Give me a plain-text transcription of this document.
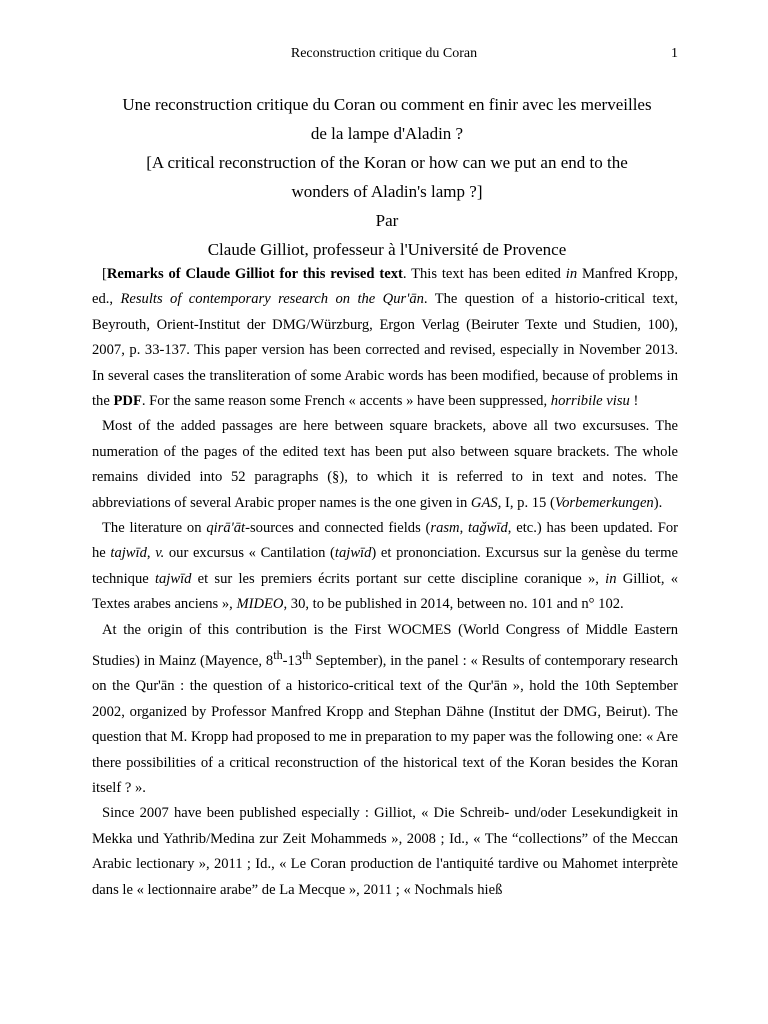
Reconstruction critique du Coran	1
Une reconstruction critique du Coran ou comment en finir avec les merveilles
de la lampe d'Aladin ?
[A critical reconstruction of the Koran or how can we put an end to the
wonders of Aladin's lamp ?]
Par
Claude Gilliot, professeur à l'Université de Provence

[Remarks of Claude Gilliot for this revised text. This text has been edited in Manfred Kropp, ed., Results of contemporary research on the Qur'ān. The question of a historio-critical text, Beyrouth, Orient-Institut der DMG/Würzburg, Ergon Verlag (Beiruter Texte und Studien, 100), 2007, p. 33-137. This paper version has been corrected and revised, especially in November 2013. In several cases the transliteration of some Arabic words has been modified, because of problems in the PDF. For the same reason some French « accents » have been suppressed, horribile visu !

Most of the added passages are here between square brackets, above all two excursuses. The numeration of the pages of the edited text has been put also between square brackets. The whole remains divided into 52 paragraphs (§), to which it is referred to in text and notes. The abbreviations of several Arabic proper names is the one given in GAS, I, p. 15 (Vorbemerkungen).

The literature on qirā'āt-sources and connected fields (rasm, taǧwīd, etc.) has been updated. For he tajwīd, v. our excursus « Cantilation (tajwīd) et prononciation. Excursus sur la genèse du terme technique tajwīd et sur les premiers écrits portant sur cette discipline coranique », in Gilliot, « Textes arabes anciens », MIDEO, 30, to be published in 2014, between no. 101 and n° 102.

At the origin of this contribution is the First WOCMES (World Congress of Middle Eastern Studies) in Mainz (Mayence, 8th-13th September), in the panel : « Results of contemporary research on the Qur'ān : the question of a historico-critical text of the Qur'ān », hold the 10th September 2002, organized by Professor Manfred Kropp and Stephan Dähne (Institut der DMG, Beirut). The question that M. Kropp had proposed to me in preparation to my paper was the following one: « Are there possibilities of a critical reconstruction of the historical text of the Koran besides the Koran itself ? ».

Since 2007 have been published especially : Gilliot, « Die Schreib- und/oder Lesekundigkeit in Mekka und Yathrib/Medina zur Zeit Mohammeds », 2008 ; Id., « The “collections” of the Meccan Arabic lectionary », 2011 ; Id., « Le Coran production de l'antiquité tardive ou Mahomet interprète dans le « lectionnaire arabe” de La Mecque », 2011 ; « Nochmals hieß
